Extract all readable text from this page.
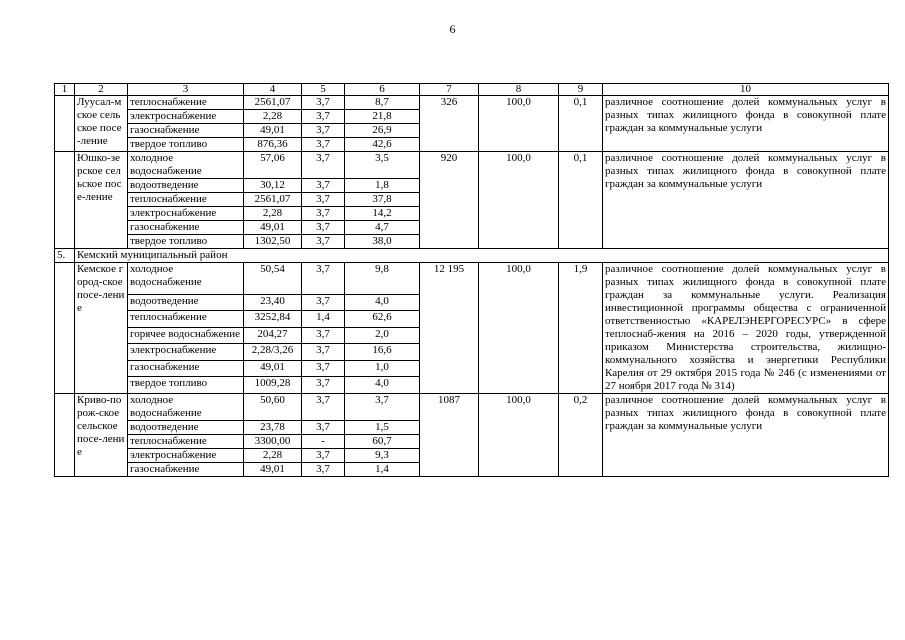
6
1	2	3	4	5	6	7	8	9	10
	Луусал-мское сельское посе-ление	теплоснабжение	2561,07	3,7	8,7	326	100,0	0,1	различное соотношение долей коммунальных услуг в разных типах жилищного фонда в совокупной плате граждан за коммунальные услуги
		электроснабжение	2,28	3,7	21,8				
		газоснабжение	49,01	3,7	26,9				
		твердое топливо	876,36	3,7	42,6				
	Юшко-зерское сельское посе-ление	холодное водоснабжение	57,06	3,7	3,5	920	100,0	0,1	различное соотношение долей коммунальных услуг в разных типах жилищного фонда в совокупной плате граждан за коммунальные услуги
		водоотведение	30,12	3,7	1,8				
		теплоснабжение	2561,07	3,7	37,8				
		электроснабжение	2,28	3,7	14,2				
		газоснабжение	49,01	3,7	4,7				
		твердое топливо	1302,50	3,7	38,0				
5.	Кемский муниципальный район								
	Кемское город-ское посе-ление	холодное водоснабжение	50,54	3,7	9,8	12 195	100,0	1,9	различное соотношение долей коммунальных услуг в разных типах жилищного фонда в совокупной плате граждан за коммунальные услуги. Реализация инвестиционной программы общества с ограниченной ответственностью «КАРЕЛЭНЕРГОРЕСУРС» в сфере теплоснаб-жения на 2016 – 2020 годы, утвержденной приказом Министерства строительства, жилищно-коммунального хозяйства и энергетики Республики Карелия от 29 октября 2015 года № 246 (с изменениями от 27 ноября 2017 года № 314)
		водоотведение	23,40	3,7	4,0				
		теплоснабжение	3252,84	1,4	62,6				
		горячее водоснабжение	204,27	3,7	2,0				
		электроснабжение	2,28/3,26	3,7	16,6				
		газоснабжение	49,01	3,7	1,0				
		твердое топливо	1009,28	3,7	4,0				
	Криво-порож-ское сельское посе-ление	холодное водоснабжение	50,60	3,7	3,7	1087	100,0	0,2	различное соотношение долей коммунальных услуг в разных типах жилищного фонда в совокупной плате граждан за коммунальные услуги
		водоотведение	23,78	3,7	1,5				
		теплоснабжение	3300,00	-	60,7				
		электроснабжение	2,28	3,7	9,3				
		газоснабжение	49,01	3,7	1,4				
